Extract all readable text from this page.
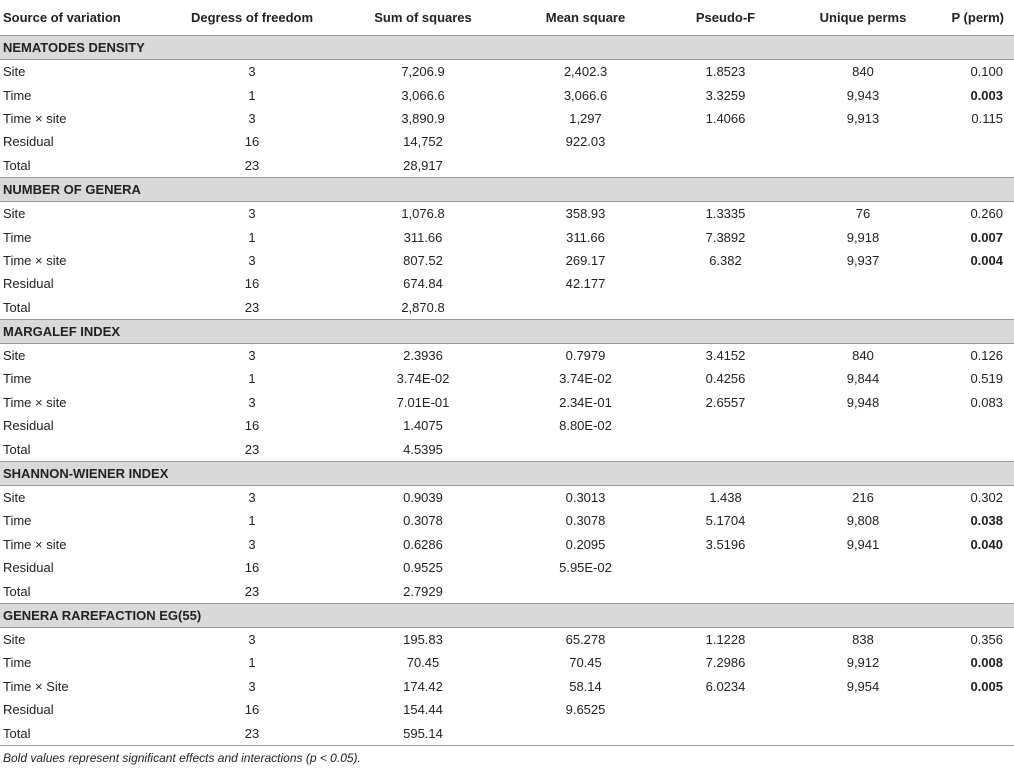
Source of variation	Degress of freedom	Sum of squares	Mean square	Pseudo-F	Unique perms	P (perm)
NEMATODES DENSITY						
Site	3	7,206.9	2,402.3	1.8523	840	0.100
Time	1	3,066.6	3,066.6	3.3259	9,943	0.003
Time × site	3	3,890.9	1,297	1.4066	9,913	0.115
Residual	16	14,752	922.03			
Total	23	28,917				
NUMBER OF GENERA						
Site	3	1,076.8	358.93	1.3335	76	0.260
Time	1	311.66	311.66	7.3892	9,918	0.007
Time × site	3	807.52	269.17	6.382	9,937	0.004
Residual	16	674.84	42.177			
Total	23	2,870.8				
MARGALEF INDEX						
Site	3	2.3936	0.7979	3.4152	840	0.126
Time	1	3.74E-02	3.74E-02	0.4256	9,844	0.519
Time × site	3	7.01E-01	2.34E-01	2.6557	9,948	0.083
Residual	16	1.4075	8.80E-02			
Total	23	4.5395				
SHANNON-WIENER INDEX						
Site	3	0.9039	0.3013	1.438	216	0.302
Time	1	0.3078	0.3078	5.1704	9,808	0.038
Time × site	3	0.6286	0.2095	3.5196	9,941	0.040
Residual	16	0.9525	5.95E-02			
Total	23	2.7929				
GENERA RAREFACTION EG(55)						
Site	3	195.83	65.278	1.1228	838	0.356
Time	1	70.45	70.45	7.2986	9,912	0.008
Time × Site	3	174.42	58.14	6.0234	9,954	0.005
Residual	16	154.44	9.6525			
Total	23	595.14				
Bold values represent significant effects and interactions (p < 0.05).
